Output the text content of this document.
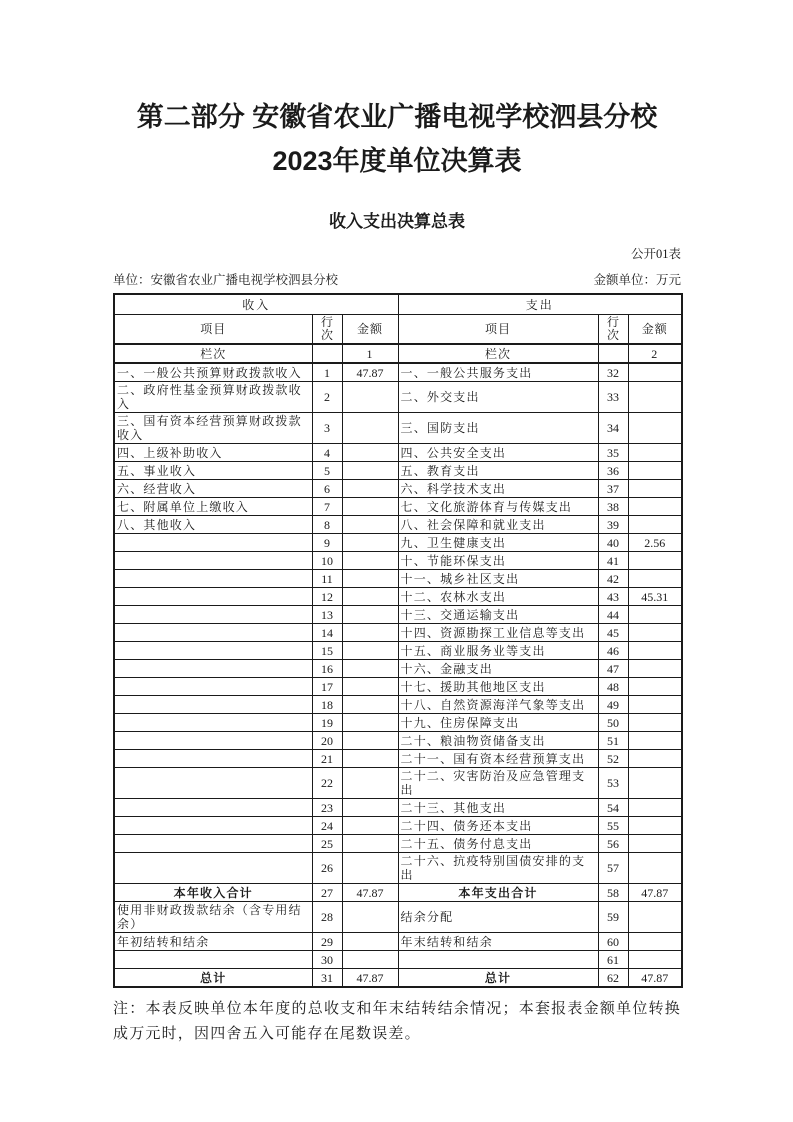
第二部分 安徽省农业广播电视学校泗县分校2023年度单位决算表
收入支出决算总表
公开01表
单位：安徽省农业广播电视学校泗县分校	金额单位：万元
收入			支出		
项目	行次	金额	项目	行次	金额
栏次		1	栏次		2
一、一般公共预算财政拨款收入	1	47.87	一、一般公共服务支出	32	
二、政府性基金预算财政拨款收入	2		二、外交支出	33	
三、国有资本经营预算财政拨款收入	3		三、国防支出	34	
四、上级补助收入	4		四、公共安全支出	35	
五、事业收入	5		五、教育支出	36	
六、经营收入	6		六、科学技术支出	37	
七、附属单位上缴收入	7		七、文化旅游体育与传媒支出	38	
八、其他收入	8		八、社会保障和就业支出	39	
	9		九、卫生健康支出	40	2.56
	10		十、节能环保支出	41	
	11		十一、城乡社区支出	42	
	12		十二、农林水支出	43	45.31
	13		十三、交通运输支出	44	
	14		十四、资源勘探工业信息等支出	45	
	15		十五、商业服务业等支出	46	
	16		十六、金融支出	47	
	17		十七、援助其他地区支出	48	
	18		十八、自然资源海洋气象等支出	49	
	19		十九、住房保障支出	50	
	20		二十、粮油物资储备支出	51	
	21		二十一、国有资本经营预算支出	52	
	22		二十二、灾害防治及应急管理支出	53	
	23		二十三、其他支出	54	
	24		二十四、债务还本支出	55	
	25		二十五、债务付息支出	56	
	26		二十六、抗疫特别国债安排的支出	57	
本年收入合计	27	47.87	本年支出合计	58	47.87
使用非财政拨款结余（含专用结余）	28		结余分配	59	
年初结转和结余	29		年末结转和结余	60	
	30			61	
总计	31	47.87	总计	62	47.87

注：本表反映单位本年度的总收支和年末结转结余情况；本套报表金额单位转换成万元时，因四舍五入可能存在尾数误差。
